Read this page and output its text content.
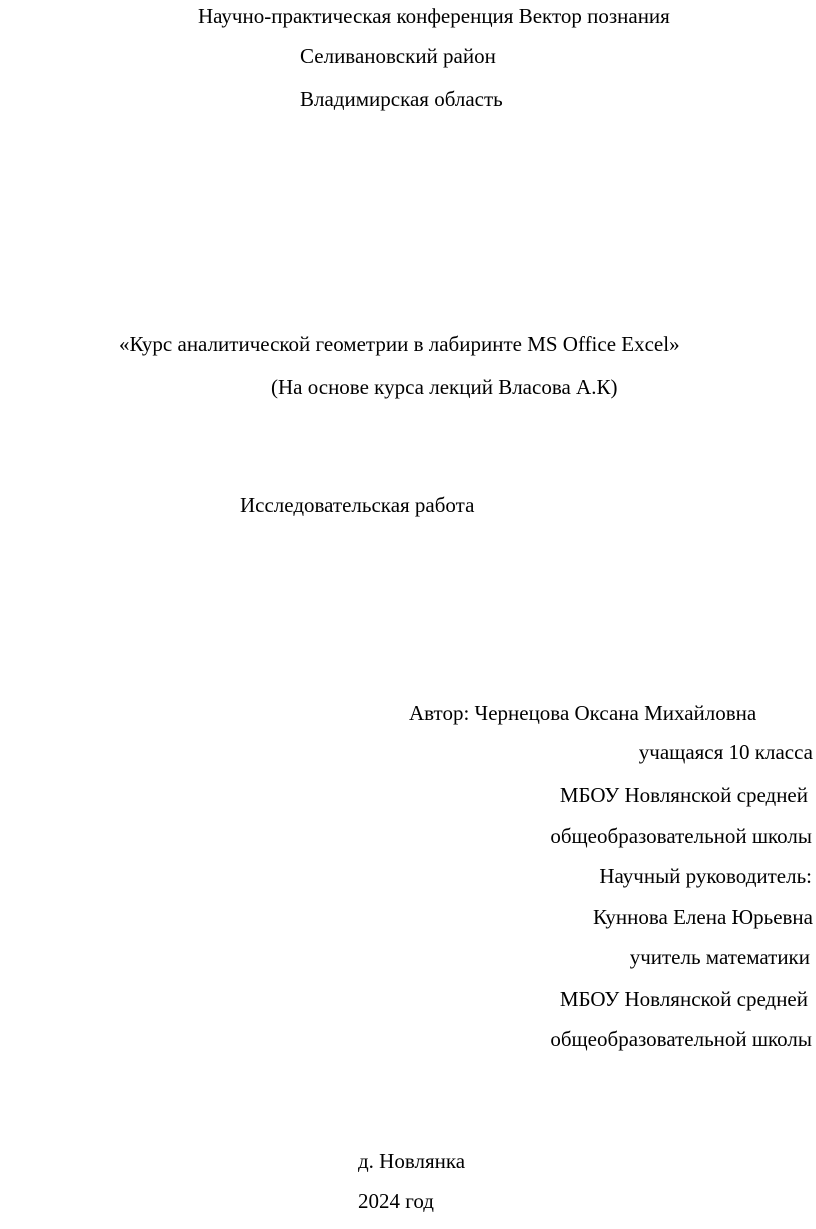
Научно-практическая конференция Вектор познания

Селивановский район

Владимирская область

«Курс аналитической геометрии в лабиринте MS Office Excel»

(На основе курса лекций Власова А.К)

Исследовательская работа

Автор: Чернецова Оксана Михайловна

учащаяся 10 класса

МБОУ Новлянской средней

общеобразовательной школы

Научный руководитель:

Куннова Елена Юрьевна

учитель математики

МБОУ Новлянской средней

общеобразовательной школы

д. Новлянка

2024 год
